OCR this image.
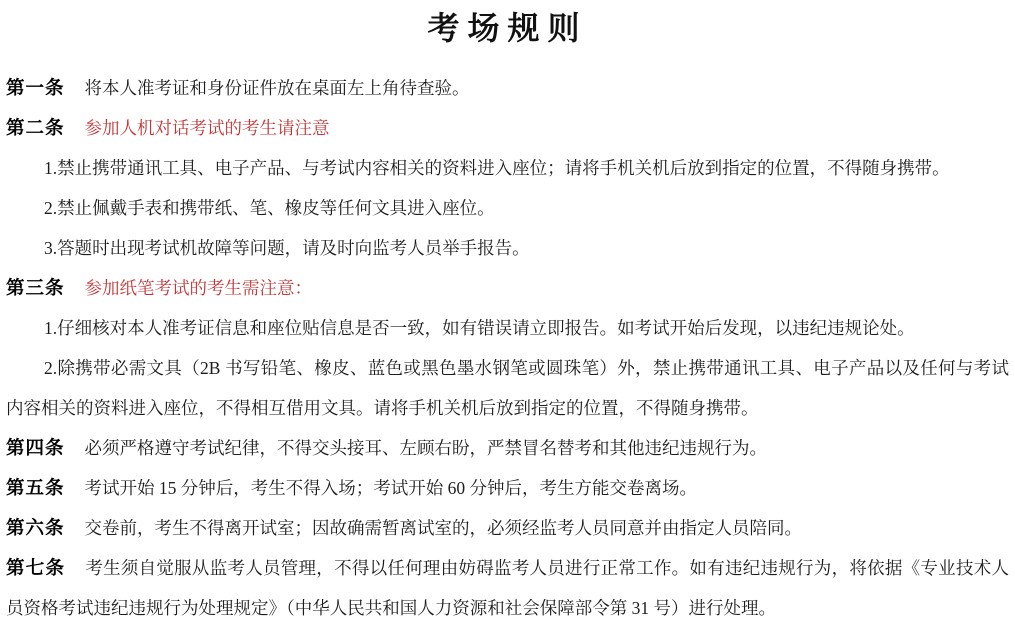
考场规则

第一条 将本人准考证和身份证件放在桌面左上角待查验。

第二条 参加人机对话考试的考生请注意

1.禁止携带通讯工具、电子产品、与考试内容相关的资料进入座位；请将手机关机后放到指定的位置，不得随身携带。

2.禁止佩戴手表和携带纸、笔、橡皮等任何文具进入座位。

3.答题时出现考试机故障等问题，请及时向监考人员举手报告。

第三条 参加纸笔考试的考生需注意：

1.仔细核对本人准考证信息和座位贴信息是否一致，如有错误请立即报告。如考试开始后发现，以违纪违规论处。

2.除携带必需文具（2B 书写铅笔、橡皮、蓝色或黑色墨水钢笔或圆珠笔）外，禁止携带通讯工具、电子产品以及任何与考试内容相关的资料进入座位，不得相互借用文具。请将手机关机后放到指定的位置，不得随身携带。

第四条 必须严格遵守考试纪律，不得交头接耳、左顾右盼，严禁冒名替考和其他违纪违规行为。

第五条 考试开始 15 分钟后，考生不得入场；考试开始 60 分钟后，考生方能交卷离场。

第六条 交卷前，考生不得离开试室；因故确需暂离试室的，必须经监考人员同意并由指定人员陪同。

第七条 考生须自觉服从监考人员管理，不得以任何理由妨碍监考人员进行正常工作。如有违纪违规行为，将依据《专业技术人员资格考试违纪违规行为处理规定》（中华人民共和国人力资源和社会保障部令第 31 号）进行处理。
